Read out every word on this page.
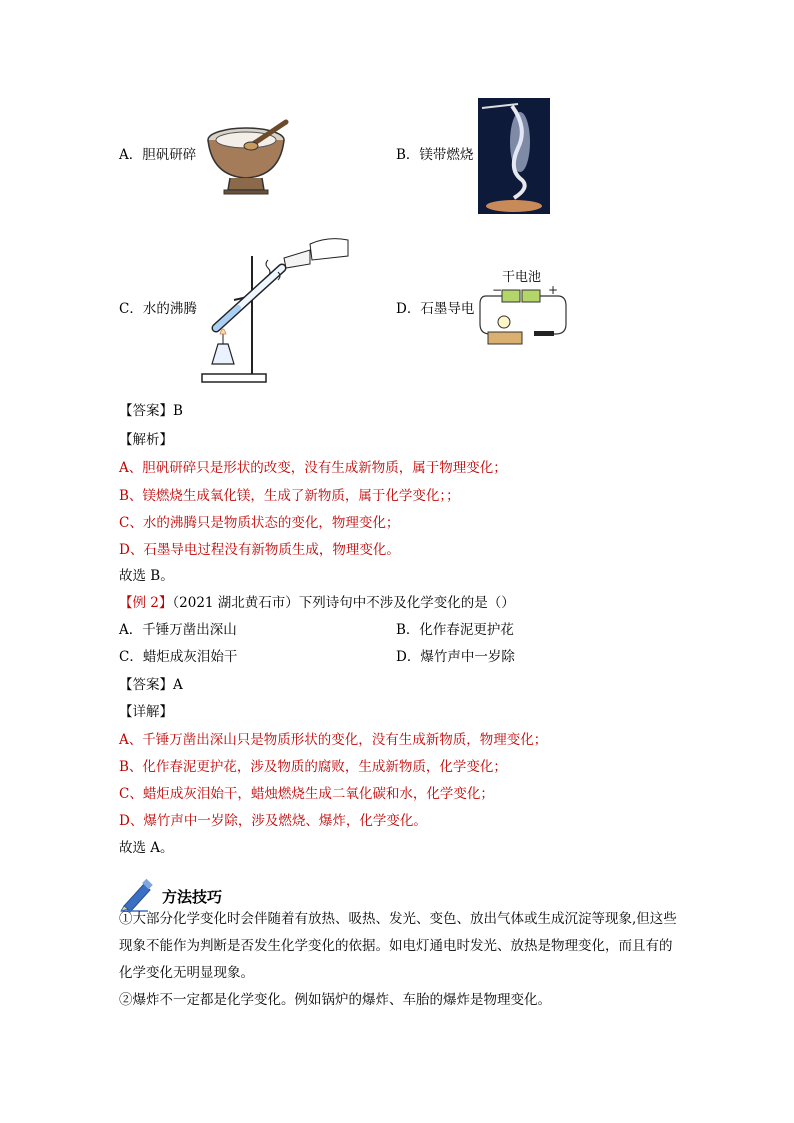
A．胆矾研碎	B．镁带燃烧
C．水的沸腾	D．石墨导电
干电池
−	+
【答案】B
【解析】
A、胆矾研碎只是形状的改变，没有生成新物质，属于物理变化；
B、镁燃烧生成氧化镁，生成了新物质，属于化学变化；；
C、水的沸腾只是物质状态的变化，物理变化；
D、石墨导电过程没有新物质生成，物理变化。
故选 B。
【例 2】（2021 湖北黄石市）下列诗句中不涉及化学变化的是（）
A．千锤万凿出深山	B．化作春泥更护花
C．蜡炬成灰泪始干	D．爆竹声中一岁除
【答案】A
【详解】
A、千锤万凿出深山只是物质形状的变化，没有生成新物质，物理变化；
B、化作春泥更护花，涉及物质的腐败，生成新物质，化学变化；
C、蜡炬成灰泪始干，蜡烛燃烧生成二氧化碳和水，化学变化；
D、爆竹声中一岁除，涉及燃烧、爆炸，化学变化。
故选 A。
方法技巧
①大部分化学变化时会伴随着有放热、吸热、发光、变色、放出气体或生成沉淀等现象,但这些现象不能作为判断是否发生化学变化的依据。如电灯通电时发光、放热是物理变化，而且有的化学变化无明显现象。
②爆炸不一定都是化学变化。例如锅炉的爆炸、车胎的爆炸是物理变化。
